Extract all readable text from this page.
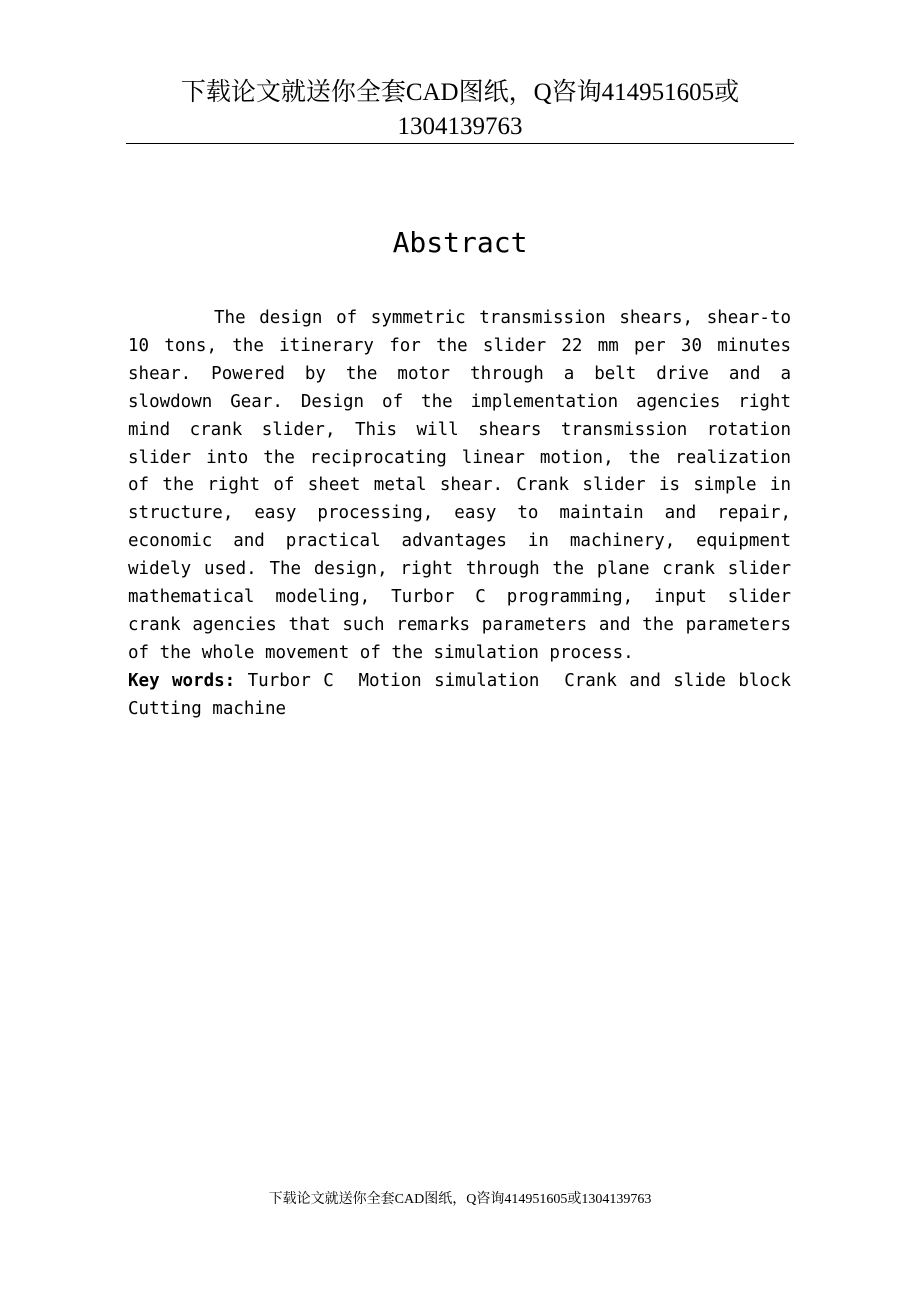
下载论文就送你全套CAD图纸，Q咨询414951605或1304139763
Abstract

The design of symmetric transmission shears, shear-to 10 tons, the itinerary for the slider 22 mm per 30 minutes shear. Powered by the motor through a belt drive and a slowdown Gear. Design of the implementation agencies right mind crank slider, This will shears transmission rotation slider into the reciprocating linear motion, the realization of the right of sheet metal shear. Crank slider is simple in structure, easy processing, easy to maintain and repair, economic and practical advantages in machinery, equipment widely used. The design, right through the plane crank slider mathematical modeling, Turbor C programming, input slider crank agencies that such remarks parameters and the parameters of the whole movement of the simulation process.

Key words: Turbor C  Motion simulation  Crank and slide block Cutting machine
下载论文就送你全套CAD图纸，Q咨询414951605或1304139763
